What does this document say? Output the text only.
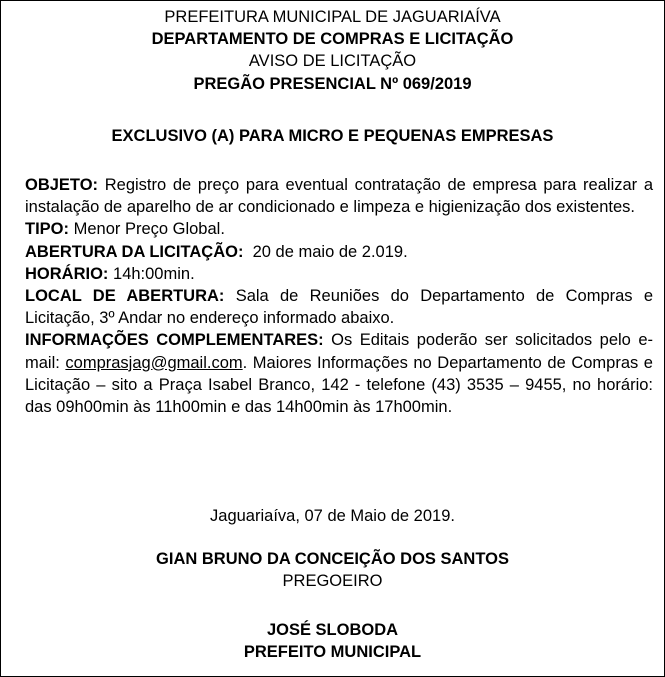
PREFEITURA MUNICIPAL DE JAGUARIAÍVA
DEPARTAMENTO DE COMPRAS E LICITAÇÃO
AVISO DE LICITAÇÃO
PREGÃO PRESENCIAL Nº 069/2019
EXCLUSIVO (A) PARA MICRO E PEQUENAS EMPRESAS

OBJETO: Registro de preço para eventual contratação de empresa para realizar a instalação de aparelho de ar condicionado e limpeza e higienização dos existentes.

TIPO: Menor Preço Global.

ABERTURA DA LICITAÇÃO: 20 de maio de 2.019.

HORÁRIO: 14h:00min.

LOCAL DE ABERTURA: Sala de Reuniões do Departamento de Compras e Licitação, 3º Andar no endereço informado abaixo.

INFORMAÇÕES COMPLEMENTARES: Os Editais poderão ser solicitados pelo e-mail: comprasjag@gmail.com. Maiores Informações no Departamento de Compras e Licitação – sito a Praça Isabel Branco, 142 - telefone (43) 3535 – 9455, no horário: das 09h00min às 11h00min e das 14h00min às 17h00min.

Jaguariaíva, 07 de Maio de 2019.
GIAN BRUNO DA CONCEIÇÃO DOS SANTOS
PREGOEIRO
JOSÉ SLOBODA
PREFEITO MUNICIPAL
